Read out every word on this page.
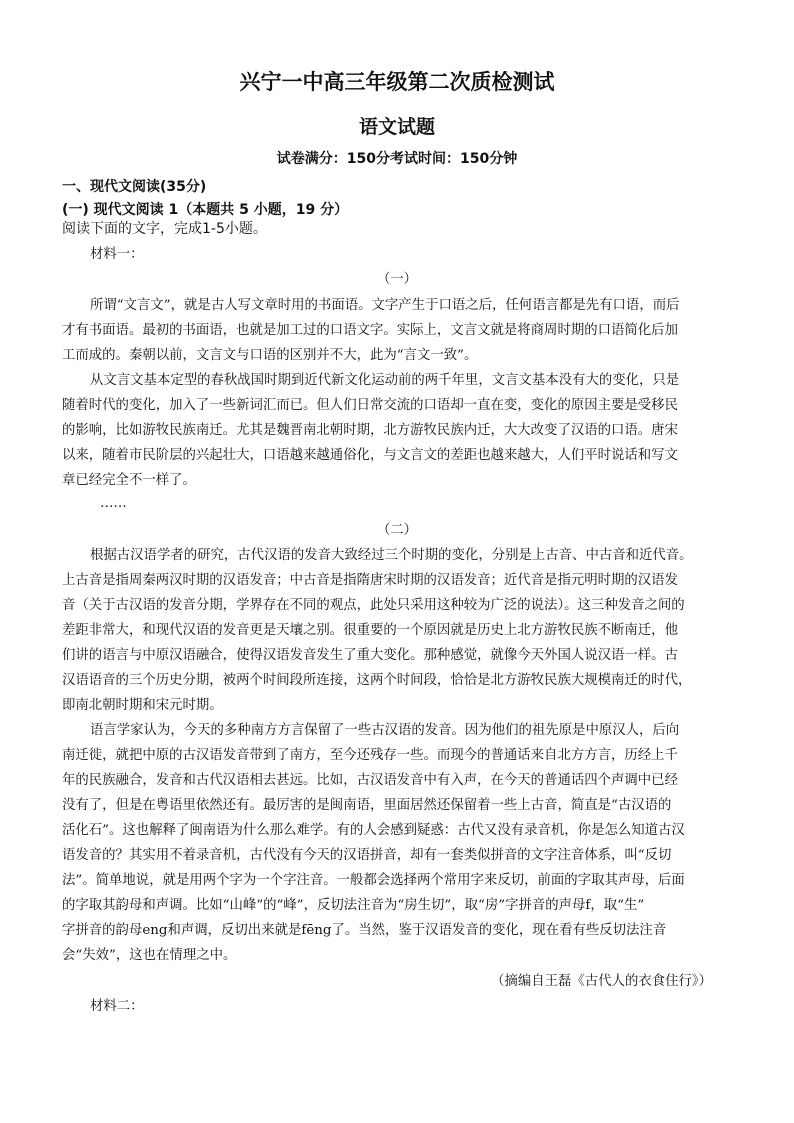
兴宁一中高三年级第二次质检测试
语文试题
试卷满分：150分考试时间：150分钟
一、现代文阅读(35分)
(一) 现代文阅读 1（本题共 5 小题，19 分）
阅读下面的文字，完成1-5小题。
材料一：
（一）
所谓“文言文”，就是古人写文章时用的书面语。文字产生于口语之后，任何语言都是先有口语，而后
才有书面语。最初的书面语，也就是加工过的口语文字。实际上，文言文就是将商周时期的口语简化后加
工而成的。秦朝以前，文言文与口语的区别并不大，此为“言文一致”。
从文言文基本定型的春秋战国时期到近代新文化运动前的两千年里，文言文基本没有大的变化，只是
随着时代的变化，加入了一些新词汇而已。但人们日常交流的口语却一直在变，变化的原因主要是受移民
的影响，比如游牧民族南迁。尤其是魏晋南北朝时期，北方游牧民族内迁，大大改变了汉语的口语。唐宋
以来，随着市民阶层的兴起壮大，口语越来越通俗化，与文言文的差距也越来越大，人们平时说话和写文
章已经完全不一样了。
……
（二）
根据古汉语学者的研究，古代汉语的发音大致经过三个时期的变化，分别是上古音、中古音和近代音。
上古音是指周秦两汉时期的汉语发音；中古音是指隋唐宋时期的汉语发音；近代音是指元明时期的汉语发
音（关于古汉语的发音分期，学界存在不同的观点，此处只采用这种较为广泛的说法）。这三种发音之间的
差距非常大，和现代汉语的发音更是天壤之别。很重要的一个原因就是历史上北方游牧民族不断南迁，他
们讲的语言与中原汉语融合，使得汉语发音发生了重大变化。那种感觉，就像今天外国人说汉语一样。古
汉语语音的三个历史分期，被两个时间段所连接，这两个时间段，恰恰是北方游牧民族大规模南迁的时代，
即南北朝时期和宋元时期。
语言学家认为，今天的多种南方方言保留了一些古汉语的发音。因为他们的祖先原是中原汉人，后向
南迁徙，就把中原的古汉语发音带到了南方，至今还残存一些。而现今的普通话来自北方方言，历经上千
年的民族融合，发音和古代汉语相去甚远。比如，古汉语发音中有入声，在今天的普通话四个声调中已经
没有了，但是在粤语里依然还有。最厉害的是闽南语，里面居然还保留着一些上古音，简直是“古汉语的
活化石”。这也解释了闽南语为什么那么难学。有的人会感到疑惑：古代又没有录音机，你是怎么知道古汉
语发音的？其实用不着录音机，古代没有今天的汉语拼音，却有一套类似拼音的文字注音体系，叫“反切
法”。简单地说，就是用两个字为一个字注音。一般都会选择两个常用字来反切，前面的字取其声母，后面
的字取其韵母和声调。比如“山峰”的“峰”，反切法注音为“房生切”，取“房”字拼音的声母f，取“生”
字拼音的韵母eng和声调，反切出来就是fēng了。当然，鉴于汉语发音的变化，现在看有些反切法注音
会“失效”，这也在情理之中。
（摘编自王磊《古代人的衣食住行》）
材料二：
